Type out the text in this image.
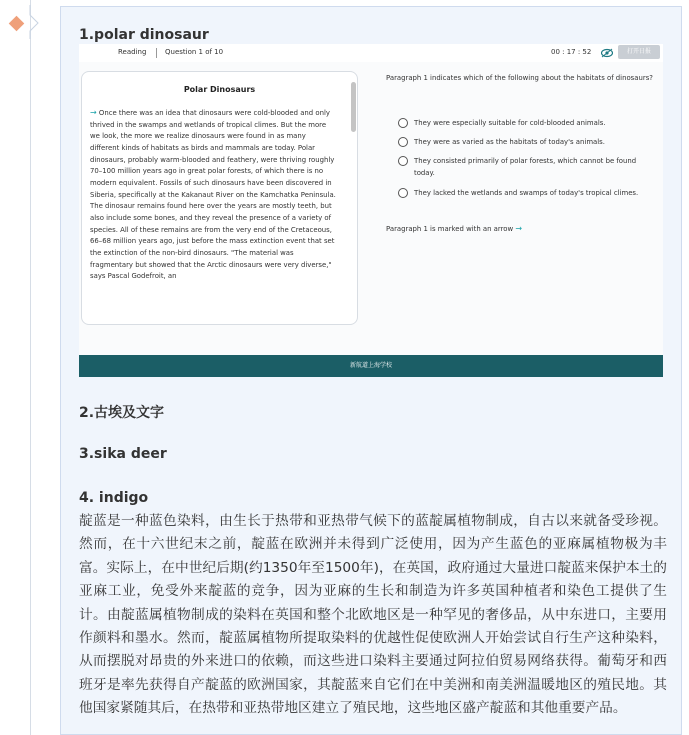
1.polar dinosaur
Reading	Question 1 of 10	00 : 17 : 52	打开日报
Polar Dinosaurs
→ Once there was an idea that dinosaurs were cold-blooded and only thrived in the swamps and wetlands of tropical climes. But the more we look, the more we realize dinosaurs were found in as many different kinds of habitats as birds and mammals are today. Polar dinosaurs, probably warm-blooded and feathery, were thriving roughly 70–100 million years ago in great polar forests, of which there is no modern equivalent. Fossils of such dinosaurs have been discovered in Siberia, specifically at the Kakanaut River on the Kamchatka Peninsula. The dinosaur remains found here over the years are mostly teeth, but also include some bones, and they reveal the presence of a variety of species. All of these remains are from the very end of the Cretaceous, 66–68 million years ago, just before the mass extinction event that set the extinction of the non-bird dinosaurs. "The material was fragmentary but showed that the Arctic dinosaurs were very diverse," says Pascal Godefroit, an
Paragraph 1 indicates which of the following about the habitats of dinosaurs?
They were especially suitable for cold-blooded animals.
They were as varied as the habitats of today's animals.
They consisted primarily of polar forests, which cannot be found today.
They lacked the wetlands and swamps of today's tropical climes.
Paragraph 1 is marked with an arrow →
新航道上海学校
2.古埃及文字
3.sika deer
4. indigo
靛蓝是一种蓝色染料，由生长于热带和亚热带气候下的蓝靛属植物制成，自古以来就备受珍视。然而，在十六世纪末之前，靛蓝在欧洲并未得到广泛使用，因为产生蓝色的亚麻属植物极为丰富。实际上，在中世纪后期(约1350年至1500年)，在英国，政府通过大量进口靛蓝来保护本土的亚麻工业，免受外来靛蓝的竞争，因为亚麻的生长和制造为许多英国种植者和染色工提供了生计。由靛蓝属植物制成的染料在英国和整个北欧地区是一种罕见的奢侈品，从中东进口，主要用作颜料和墨水。然而，靛蓝属植物所提取染料的优越性促使欧洲人开始尝试自行生产这种染料，从而摆脱对昂贵的外来进口的依赖，而这些进口染料主要通过阿拉伯贸易网络获得。葡萄牙和西班牙是率先获得自产靛蓝的欧洲国家，其靛蓝来自它们在中美洲和南美洲温暖地区的殖民地。其他国家紧随其后，在热带和亚热带地区建立了殖民地，这些地区盛产靛蓝和其他重要产品。
